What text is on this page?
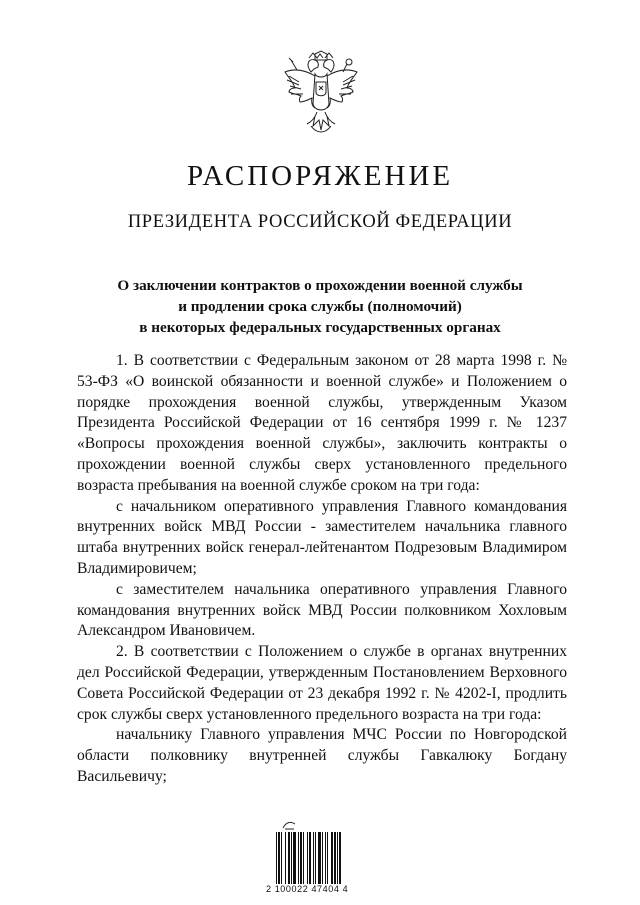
РАСПОРЯЖЕНИЕ
ПРЕЗИДЕНТА РОССИЙСКОЙ ФЕДЕРАЦИИ
О заключении контрактов о прохождении военной службы
и продлении срока службы (полномочий)
в некоторых федеральных государственных органах

1. В соответствии с Федеральным законом от 28 марта 1998 г. № 53-ФЗ «О воинской обязанности и военной службе» и Положением о порядке прохождения военной службы, утвержденным Указом Президента Российской Федерации от 16 сентября 1999 г. № 1237 «Вопросы прохождения военной службы», заключить контракты о прохождении военной службы сверх установленного предельного возраста пребывания на военной службе сроком на три года:

с начальником оперативного управления Главного командования внутренних войск МВД России - заместителем начальника главного штаба внутренних войск генерал-лейтенантом Подрезовым Владимиром Владимировичем;

с заместителем начальника оперативного управления Главного командования внутренних войск МВД России полковником Хохловым Александром Ивановичем.

2. В соответствии с Положением о службе в органах внутренних дел Российской Федерации, утвержденным Постановлением Верховного Совета Российской Федерации от 23 декабря 1992 г. № 4202-I, продлить срок службы сверх установленного предельного возраста на три года:

начальнику Главного управления МЧС России по Новгородской области полковнику внутренней службы Гавкалюку Богдану Васильевичу;

2 100022 47404 4
